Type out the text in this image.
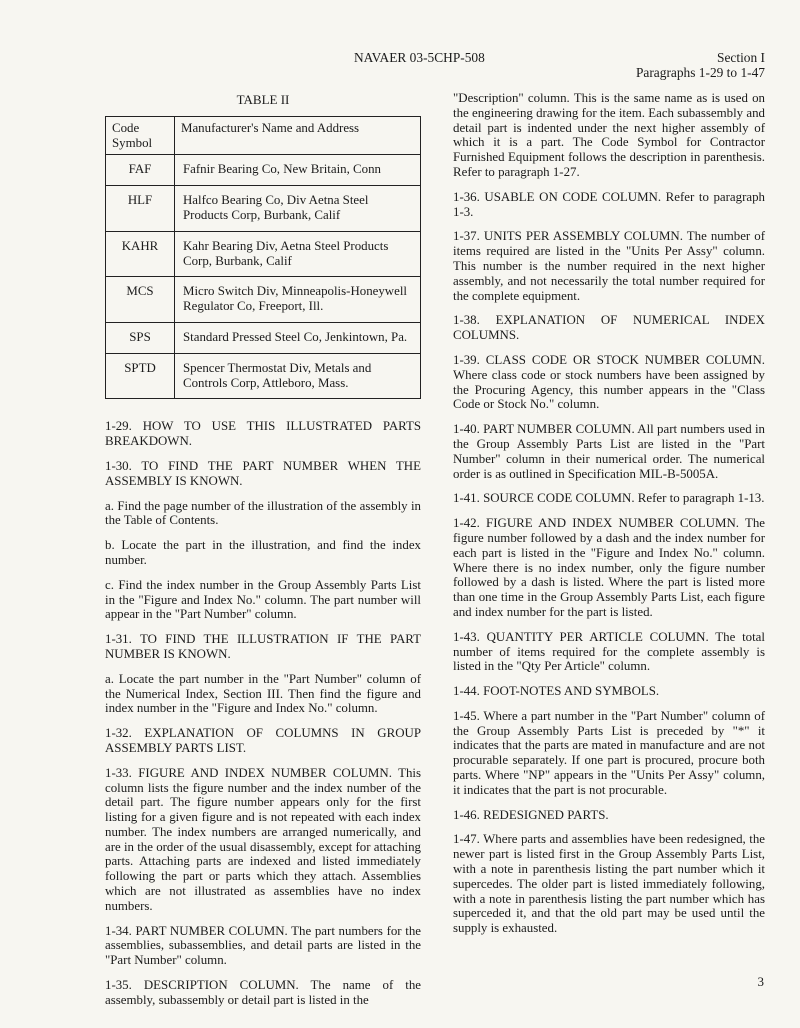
NAVAER 03-5CHP-508	Section I
Paragraphs 1-29 to 1-47
TABLE II
Code Symbol	Manufacturer's Name and Address
FAF	Fafnir Bearing Co, New Britain, Conn
HLF	Halfco Bearing Co, Div Aetna Steel Products Corp, Burbank, Calif
KAHR	Kahr Bearing Div, Aetna Steel Products Corp, Burbank, Calif
MCS	Micro Switch Div, Minneapolis-Honeywell Regulator Co, Freeport, Ill.
SPS	Standard Pressed Steel Co, Jenkintown, Pa.
SPTD	Spencer Thermostat Div, Metals and Controls Corp, Attleboro, Mass.

1-29. HOW TO USE THIS ILLUSTRATED PARTS BREAKDOWN.

1-30. TO FIND THE PART NUMBER WHEN THE ASSEMBLY IS KNOWN.

a. Find the page number of the illustration of the assembly in the Table of Contents.

b. Locate the part in the illustration, and find the index number.

c. Find the index number in the Group Assembly Parts List in the "Figure and Index No." column. The part number will appear in the "Part Number" column.

1-31. TO FIND THE ILLUSTRATION IF THE PART NUMBER IS KNOWN.

a. Locate the part number in the "Part Number" column of the Numerical Index, Section III. Then find the figure and index number in the "Figure and Index No." column.

1-32. EXPLANATION OF COLUMNS IN GROUP ASSEMBLY PARTS LIST.

1-33. FIGURE AND INDEX NUMBER COLUMN. This column lists the figure number and the index number of the detail part. The figure number appears only for the first listing for a given figure and is not repeated with each index number. The index numbers are arranged numerically, and are in the order of the usual disassembly, except for attaching parts. Attaching parts are indexed and listed immediately following the part or parts which they attach. Assemblies which are not illustrated as assemblies have no index numbers.

1-34. PART NUMBER COLUMN. The part numbers for the assemblies, subassemblies, and detail parts are listed in the "Part Number" column.

1-35. DESCRIPTION COLUMN. The name of the assembly, subassembly or detail part is listed in the

"Description" column. This is the same name as is used on the engineering drawing for the item. Each subassembly and detail part is indented under the next higher assembly of which it is a part. The Code Symbol for Contractor Furnished Equipment follows the description in parenthesis. Refer to paragraph 1-27.

1-36. USABLE ON CODE COLUMN. Refer to paragraph 1-3.

1-37. UNITS PER ASSEMBLY COLUMN. The number of items required are listed in the "Units Per Assy" column. This number is the number required in the next higher assembly, and not necessarily the total number required for the complete equipment.

1-38. EXPLANATION OF NUMERICAL INDEX COLUMNS.

1-39. CLASS CODE OR STOCK NUMBER COLUMN. Where class code or stock numbers have been assigned by the Procuring Agency, this number appears in the "Class Code or Stock No." column.

1-40. PART NUMBER COLUMN. All part numbers used in the Group Assembly Parts List are listed in the "Part Number" column in their numerical order. The numerical order is as outlined in Specification MIL-B-5005A.

1-41. SOURCE CODE COLUMN. Refer to paragraph 1-13.

1-42. FIGURE AND INDEX NUMBER COLUMN. The figure number followed by a dash and the index number for each part is listed in the "Figure and Index No." column. Where there is no index number, only the figure number followed by a dash is listed. Where the part is listed more than one time in the Group Assembly Parts List, each figure and index number for the part is listed.

1-43. QUANTITY PER ARTICLE COLUMN. The total number of items required for the complete assembly is listed in the "Qty Per Article" column.

1-44. FOOT-NOTES AND SYMBOLS.

1-45. Where a part number in the "Part Number" column of the Group Assembly Parts List is preceded by "*" it indicates that the parts are mated in manufacture and are not procurable separately. If one part is procured, procure both parts. Where "NP" appears in the "Units Per Assy" column, it indicates that the part is not procurable.

1-46. REDESIGNED PARTS.

1-47. Where parts and assemblies have been redesigned, the newer part is listed first in the Group Assembly Parts List, with a note in parenthesis listing the part number which it supercedes. The older part is listed immediately following, with a note in parenthesis listing the part number which has superceded it, and that the old part may be used until the supply is exhausted.

3
